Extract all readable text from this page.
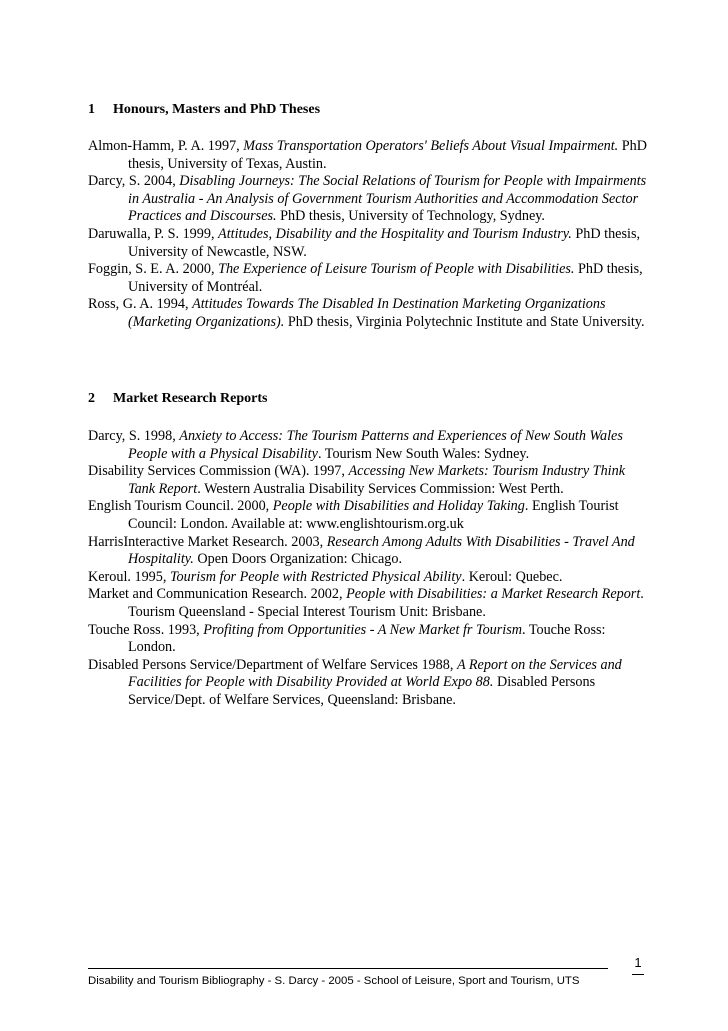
1 Honours, Masters and PhD Theses

Almon-Hamm, P. A. 1997, Mass Transportation Operators' Beliefs About Visual Impairment. PhD thesis, University of Texas, Austin.

Darcy, S. 2004, Disabling Journeys: The Social Relations of Tourism for People with Impairments in Australia - An Analysis of Government Tourism Authorities and Accommodation Sector Practices and Discourses. PhD thesis, University of Technology, Sydney.

Daruwalla, P. S. 1999, Attitudes, Disability and the Hospitality and Tourism Industry. PhD thesis, University of Newcastle, NSW.

Foggin, S. E. A. 2000, The Experience of Leisure Tourism of People with Disabilities. PhD thesis, University of Montréal.

Ross, G. A. 1994, Attitudes Towards The Disabled In Destination Marketing Organizations (Marketing Organizations). PhD thesis, Virginia Polytechnic Institute and State University.

2 Market Research Reports

Darcy, S. 1998, Anxiety to Access: The Tourism Patterns and Experiences of New South Wales People with a Physical Disability. Tourism New South Wales: Sydney.

Disability Services Commission (WA). 1997, Accessing New Markets: Tourism Industry Think Tank Report. Western Australia Disability Services Commission: West Perth.

English Tourism Council. 2000, People with Disabilities and Holiday Taking. English Tourist Council: London. Available at: www.englishtourism.org.uk

HarrisInteractive Market Research. 2003, Research Among Adults With Disabilities - Travel And Hospitality. Open Doors Organization: Chicago.

Keroul. 1995, Tourism for People with Restricted Physical Ability. Keroul: Quebec.

Market and Communication Research. 2002, People with Disabilities: a Market Research Report. Tourism Queensland - Special Interest Tourism Unit: Brisbane.

Touche Ross. 1993, Profiting from Opportunities - A New Market fr Tourism. Touche Ross: London.

Disabled Persons Service/Department of Welfare Services 1988, A Report on the Services and Facilities for People with Disability Provided at World Expo 88. Disabled Persons Service/Dept. of Welfare Services, Queensland: Brisbane.

Disability and Tourism Bibliography - S. Darcy - 2005 - School of Leisure, Sport and Tourism, UTS
1
